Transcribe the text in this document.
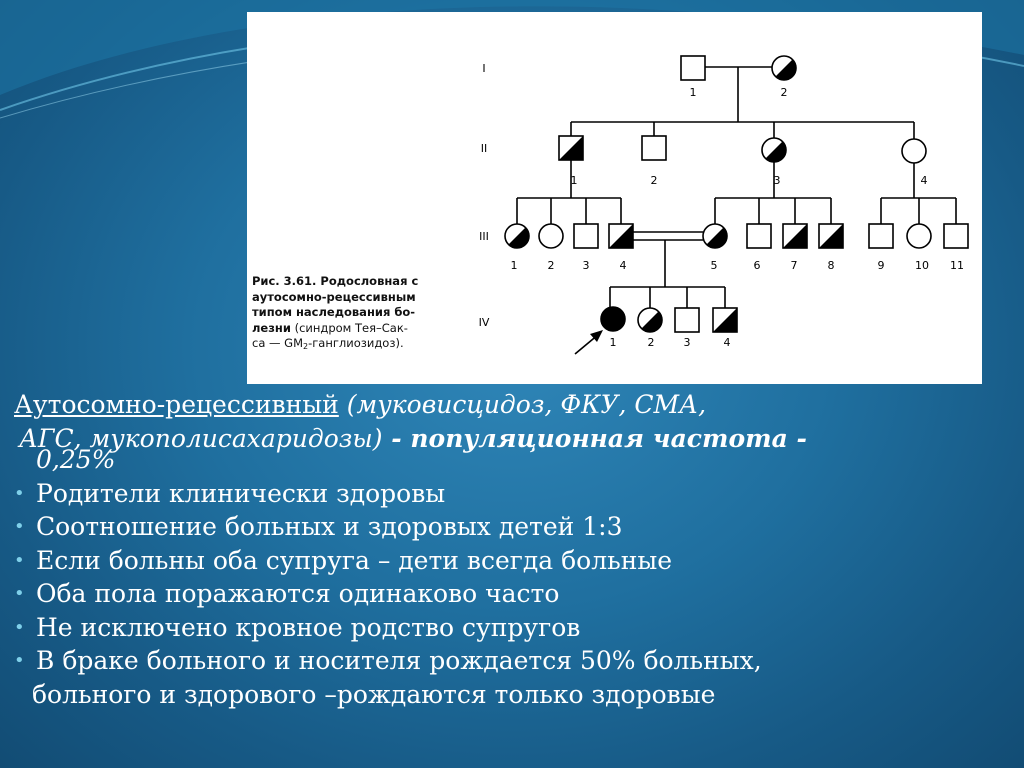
I
II
III
IV
1	2
1	2	3	4
1	2	3	4	5	6	7	8	9	10 11
1	2	3	4
Рис. 3.61. Родословная с
аутосомно-рецессивным
типом наследования бо-
лезни (синдром Тея–Сак-
са — $GM_2-ганглиозидоз$).
Аутосомно-рецессивный (муковисцидоз, ФКУ, СМА,
АГС, мукополисахаридозы) - популяционная частота -
0,25%
• Родители клинически здоровы
• Соотношение больных и здоровых детей 1:3
• Если больны оба супруга – дети всегда больные
• Оба пола поражаются одинаково часто
• Не исключено кровное родство супругов
• В браке больного и носителя рождается 50% больных,
больного и здорового –рождаются только здоровые
